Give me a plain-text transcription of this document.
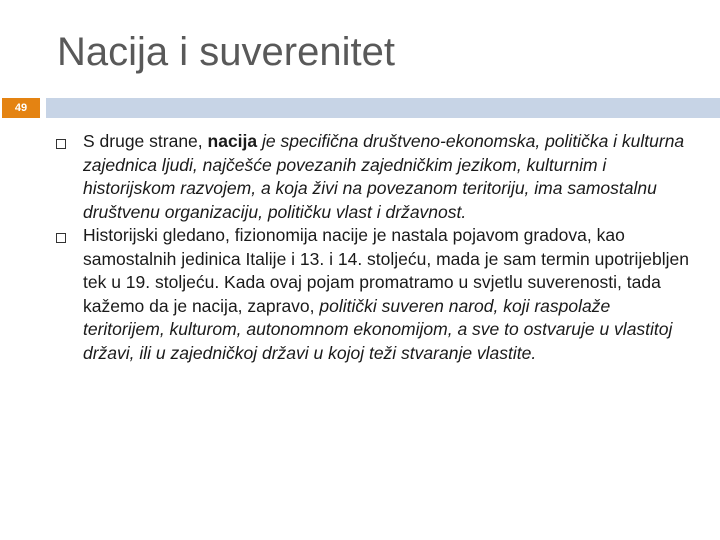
Nacija i suverenitet
49
S druge strane, nacija je specifična društveno-ekonomska, politička i kulturna zajednica ljudi, najčešće povezanih zajedničkim jezikom, kulturnim i historijskom razvojem, a koja živi na povezanom teritoriju, ima samostalnu društvenu organizaciju, političku vlast i državnost.
Historijski gledano, fizionomija nacije je nastala pojavom gradova, kao samostalnih jedinica Italije i 13. i 14. stoljeću, mada je sam termin upotrijebljen tek u 19. stoljeću. Kada ovaj pojam promatramo u svjetlu suverenosti, tada kažemo da je nacija, zapravo, politički suveren narod, koji raspolaže teritorijem, kulturom, autonomnom ekonomijom, a sve to ostvaruje u vlastitoj državi, ili u zajedničkoj državi u kojoj teži stvaranje vlastite.
